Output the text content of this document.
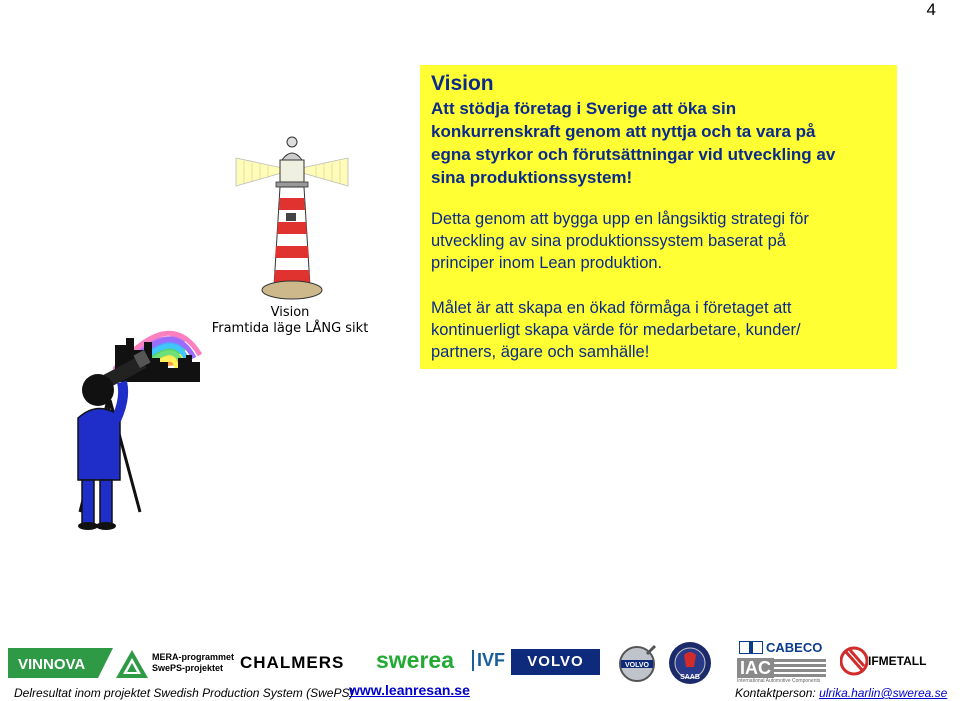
4
Vision
Framtida läge LÅNG sikt
Vision
Att stödja företag i Sverige att öka sin
konkurrenskraft genom att nyttja och ta vara på
egna styrkor och förutsättningar vid utveckling av
sina produktionssystem!
Detta genom att bygga upp en långsiktig strategi för
utveckling av sina produktionssystem baserat på
principer inom Lean produktion.
Målet är att skapa en ökad förmåga i företaget att
kontinuerligt skapa värde för medarbetare, kunder/
partners, ägare och samhälle!
VINNOVA	MERA-programmet
SwePS-projektet CHALMERS swerea IVF	VOLVO	VOLVO
SAAB
CABECO
IAC
International Automotive Components
IFMETALL
Delresultat inom projektet Swedish Production System (SwePS)
www.leanresan.se	Kontaktperson: ulrika.harlin@swerea.se
